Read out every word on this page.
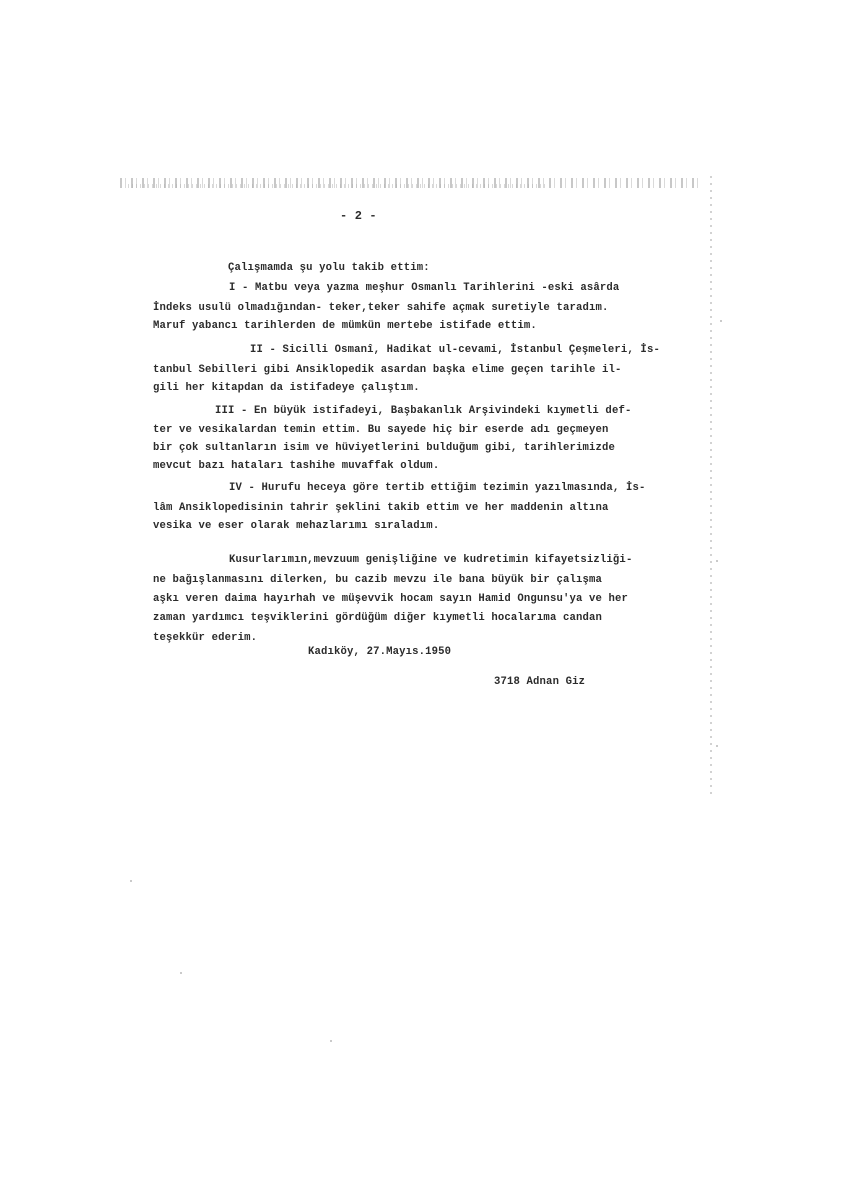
- 2 -
Çalışmamda şu yolu takib ettim:
I - Matbu veya yazma meşhur Osmanlı Tarihlerini -eski asârda
İndeks usulü olmadığından- teker,teker sahife açmak suretiyle taradım.
Maruf yabancı tarihlerden de mümkün mertebe istifade ettim.
II - Sicilli Osmanî, Hadikat ul-cevami, İstanbul Çeşmeleri, İs-
tanbul Sebilleri gibi Ansiklopedik asardan başka elime geçen tarihle il-
gili her kitapdan da istifadeye çalıştım.
III - En büyük istifadeyi, Başbakanlık Arşivindeki kıymetli def-
ter ve vesikalardan temin ettim. Bu sayede hiç bir eserde adı geçmeyen
bir çok sultanların isim ve hüviyetlerini bulduğum gibi, tarihlerimizde
mevcut bazı hataları tashihe muvaffak oldum.
IV - Hurufu heceya göre tertib ettiğim tezimin yazılmasında, İs-
lâm Ansiklopedisinin tahrir şeklini takib ettim ve her maddenin altına
vesika ve eser olarak mehazlarımı sıraladım.
Kusurlarımın,mevzuum genişliğine ve kudretimin kifayetsizliği-
ne bağışlanmasını dilerken, bu cazib mevzu ile bana büyük bir çalışma
aşkı veren daima hayırhah ve müşevvik hocam sayın Hamid Ongunsu'ya ve her
zaman yardımcı teşviklerini gördüğüm diğer kıymetli hocalarıma candan
teşekkür ederim.
Kadıköy, 27.Mayıs.1950
3718 Adnan Giz
